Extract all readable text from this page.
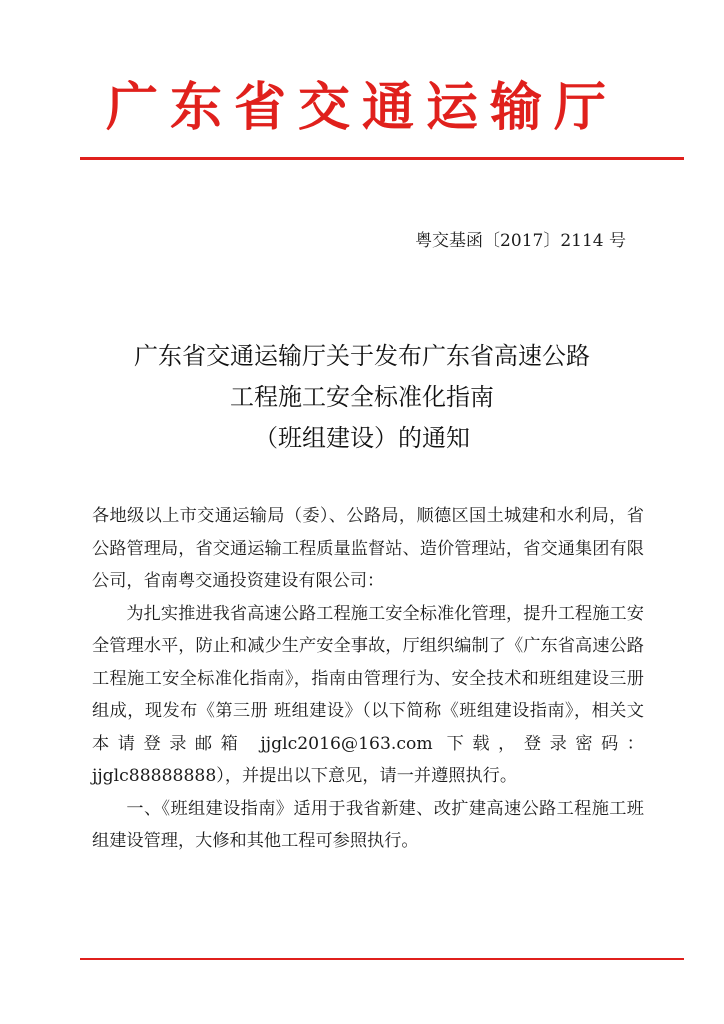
广东省交通运输厅
粤交基函〔2017〕2114 号
广东省交通运输厅关于发布广东省高速公路
工程施工安全标准化指南
（班组建设）的通知

各地级以上市交通运输局（委）、公路局，顺德区国土城建和水利局，省公路管理局，省交通运输工程质量监督站、造价管理站，省交通集团有限公司，省南粤交通投资建设有限公司：

为扎实推进我省高速公路工程施工安全标准化管理，提升工程施工安全管理水平，防止和减少生产安全事故，厅组织编制了《广东省高速公路工程施工安全标准化指南》，指南由管理行为、安全技术和班组建设三册组成，现发布《第三册 班组建设》（以下简称《班组建设指南》，相关文本请登录邮箱 jjglc2016@163.com 下载，登录密码：jjglc88888888），并提出以下意见，请一并遵照执行。

一、《班组建设指南》适用于我省新建、改扩建高速公路工程施工班组建设管理，大修和其他工程可参照执行。
